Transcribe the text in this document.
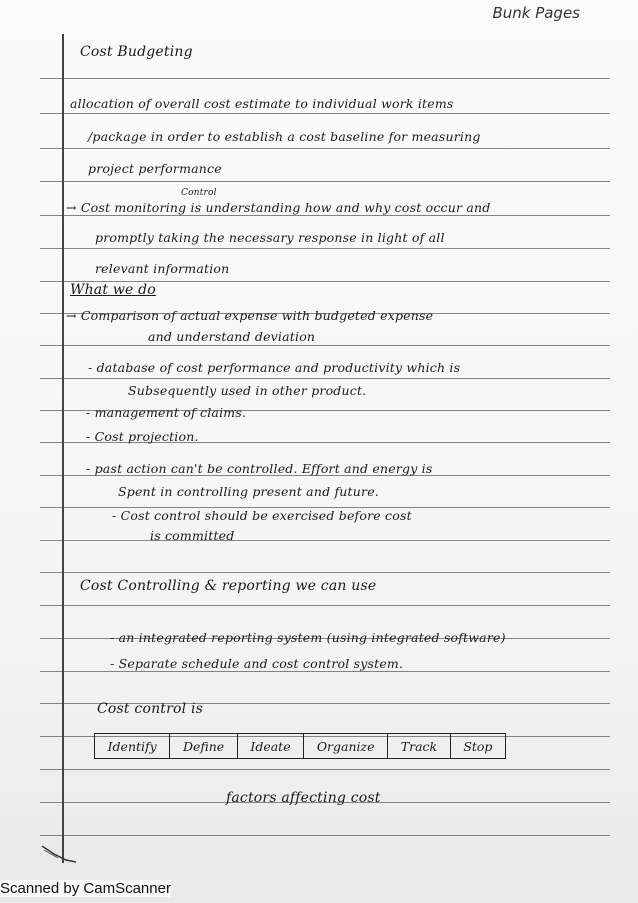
Bunk Pages
Cost Budgeting
allocation of overall cost estimate to individual work items
/package in order to establish a cost baseline for measuring
project performance
Control
→ Cost monitoring is understanding how and why cost occur and
promptly taking the necessary response in light of all
relevant information
What we do
→ Comparison of actual expense with budgeted expense
and understand deviation
- database of cost performance and productivity which is
Subsequently used in other product.
- management of claims.
- Cost projection.
- past action can't be controlled. Effort and energy is
Spent in controlling present and future.
- Cost control should be exercised before cost
is committed
Cost Controlling & reporting we can use
- an integrated reporting system (using integrated software)
- Separate schedule and cost control system.
Cost control is
Identify	Define	Ideate	Organize	Track	Stop
factors affecting cost
Scanned by CamScanner
